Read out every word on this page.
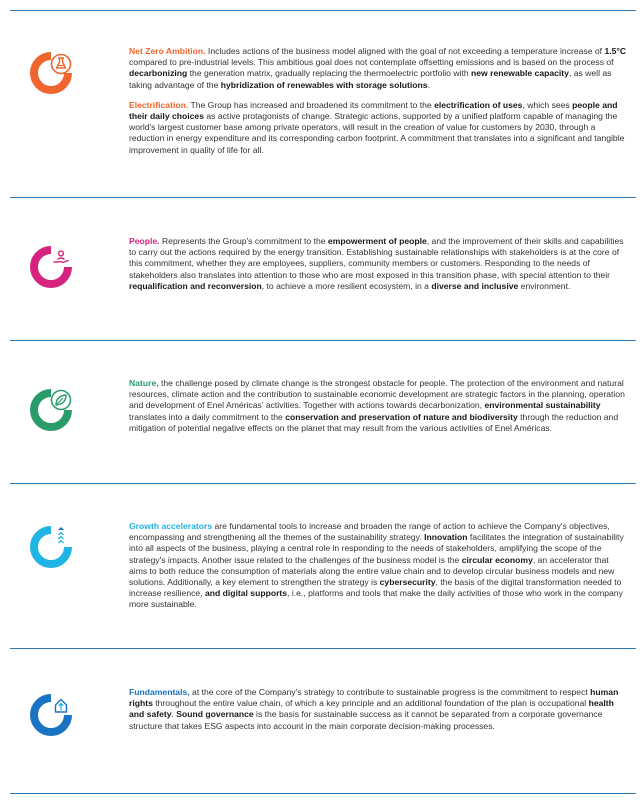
Net Zero Ambition. Includes actions of the business model aligned with the goal of not exceeding a temperature increase of 1.5°C compared to pre-industrial levels. This ambitious goal does not contemplate offsetting emissions and is based on the process of decarbonizing the generation matrix, gradually replacing the thermoelectric portfolio with new renewable capacity, as well as taking advantage of the hybridization of renewables with storage solutions.

Electrification. The Group has increased and broadened its commitment to the electrification of uses, which sees people and their daily choices as active protagonists of change. Strategic actions, supported by a unified platform capable of managing the world's largest customer base among private operators, will result in the creation of value for customers by 2030, through a reduction in energy expenditure and its corresponding carbon footprint. A commitment that translates into a significant and tangible improvement in quality of life for all.

People. Represents the Group's commitment to the empowerment of people, and the improvement of their skills and capabilities to carry out the actions required by the energy transition. Establishing sustainable relationships with stakeholders is at the core of this commitment, whether they are employees, suppliers, community members or customers. Responding to the needs of stakeholders also translates into attention to those who are most exposed in this transition phase, with special attention to their requalification and reconversion, to achieve a more resilient ecosystem, in a diverse and inclusive environment.

Nature, the challenge posed by climate change is the strongest obstacle for people. The protection of the environment and natural resources, climate action and the contribution to sustainable economic development are strategic factors in the planning, operation and development of Enel Américas' activities. Together with actions towards decarbonization, environmental sustainability translates into a daily commitment to the conservation and preservation of nature and biodiversity through the reduction and mitigation of potential negative effects on the planet that may result from the various activities of Enel Américas.

Growth accelerators are fundamental tools to increase and broaden the range of action to achieve the Company's objectives, encompassing and strengthening all the themes of the sustainability strategy. Innovation facilitates the integration of sustainability into all aspects of the business, playing a central role in responding to the needs of stakeholders, amplifying the scope of the strategy's impacts. Another issue related to the challenges of the business model is the circular economy, an accelerator that aims to both reduce the consumption of materials along the entire value chain and to develop circular business models and new solutions. Additionally, a key element to strengthen the strategy is cybersecurity, the basis of the digital transformation needed to increase resilience, and digital supports, i.e., platforms and tools that make the daily activities of those who work in the company more sustainable.

Fundamentals, at the core of the Company's strategy to contribute to sustainable progress is the commitment to respect human rights throughout the entire value chain, of which a key principle and an additional foundation of the plan is occupational health and safety. Sound governance is the basis for sustainable success as it cannot be separated from a corporate governance structure that takes ESG aspects into account in the main corporate decision-making processes.
